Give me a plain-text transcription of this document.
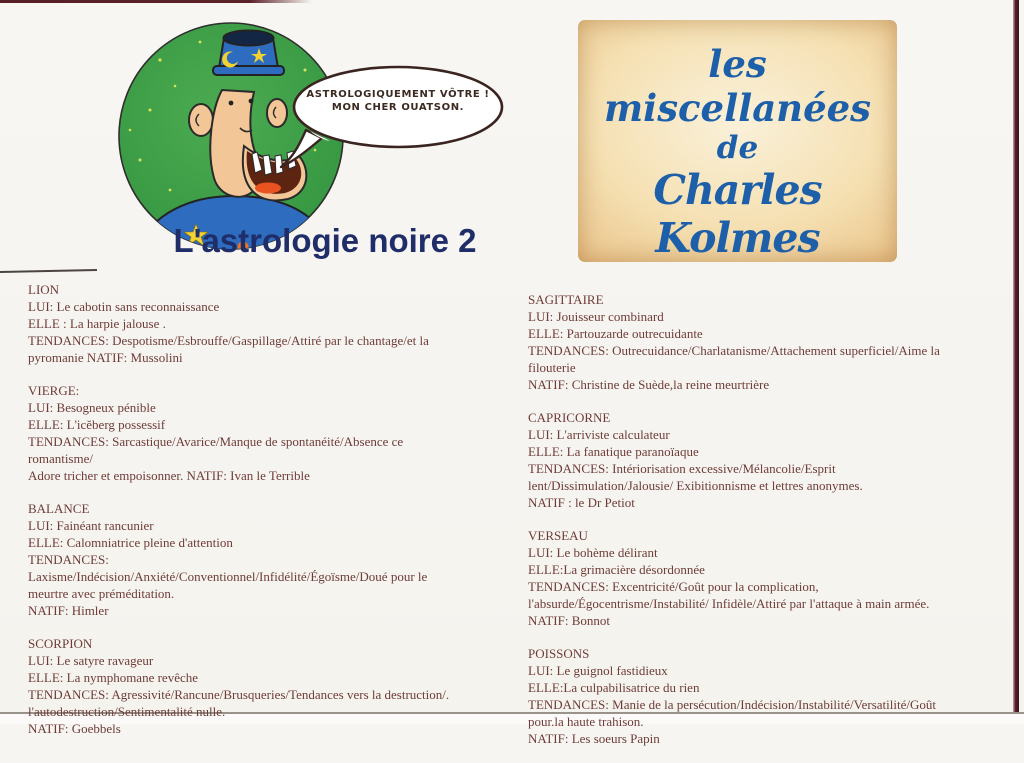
ASTROLOGIQUEMENT VÔTRE !
MON CHER OUATSON.
L'astrologie noire 2
les miscellanées
de
Charles Kolmes
LION
LUI: Le cabotin sans reconnaissance
ELLE : La harpie jalouse .
TENDANCES: Despotisme/Esbrouffe/Gaspillage/Attiré par le chantage/et la
pyromanie NATIF: Mussolini
VIERGE:
LUI: Besogneux pénible
ELLE: L'icĕberg possessif
TENDANCES: Sarcastique/Avarice/Manque de spontanéité/Absence ce
romantisme/
Adore tricher et empoisonner. NATIF: Ivan le Terrible
BALANCE
LUI: Fainéant rancunier
ELLE: Calomniatrice pleine d'attention
TENDANCES:
Laxisme/Indécision/Anxiété/Conventionnel/Infidélité/Égoïsme/Doué pour le
meurtre avec préméditation.
NATIF: Himler
SCORPION
LUI: Le satyre ravageur
ELLE: La nymphomane revêche
TENDANCES: Agressivité/Rancune/Brusqueries/Tendances vers la destruction/.
l'autodestruction/Sentimentalité nulle.
NATIF: Goebbels
SAGITTAIRE
LUI: Jouisseur combinard
ELLE: Partouzarde outrecuidante
TENDANCES: Outrecuidance/Charlatanisme/Attachement superficiel/Aime la
filouterie
NATIF: Christine de Suède,la reine meurtrière
CAPRICORNE
LUI: L'arriviste calculateur
ELLE: La fanatique paranoïaque
TENDANCES: Intériorisation excessive/Mélancolie/Esprit
lent/Dissimulation/Jalousie/ Exibitionnisme et lettres anonymes.
NATIF : le Dr Petiot
VERSEAU
LUI: Le bohème délirant
ELLE:La grimacière désordonnée
TENDANCES: Excentricité/Goût pour la complication,
l'absurde/Égocentrisme/Instabilité/ Infidèle/Attiré par l'attaque à main armée.
NATIF: Bonnot
POISSONS
LUI: Le guignol fastidieux
ELLE:La culpabilisatrice du rien
TENDANCES: Manie de la persécution/Indécision/Instabilité/Versatilité/Goût
pour.la haute trahison.
NATIF: Les soeurs Papin
